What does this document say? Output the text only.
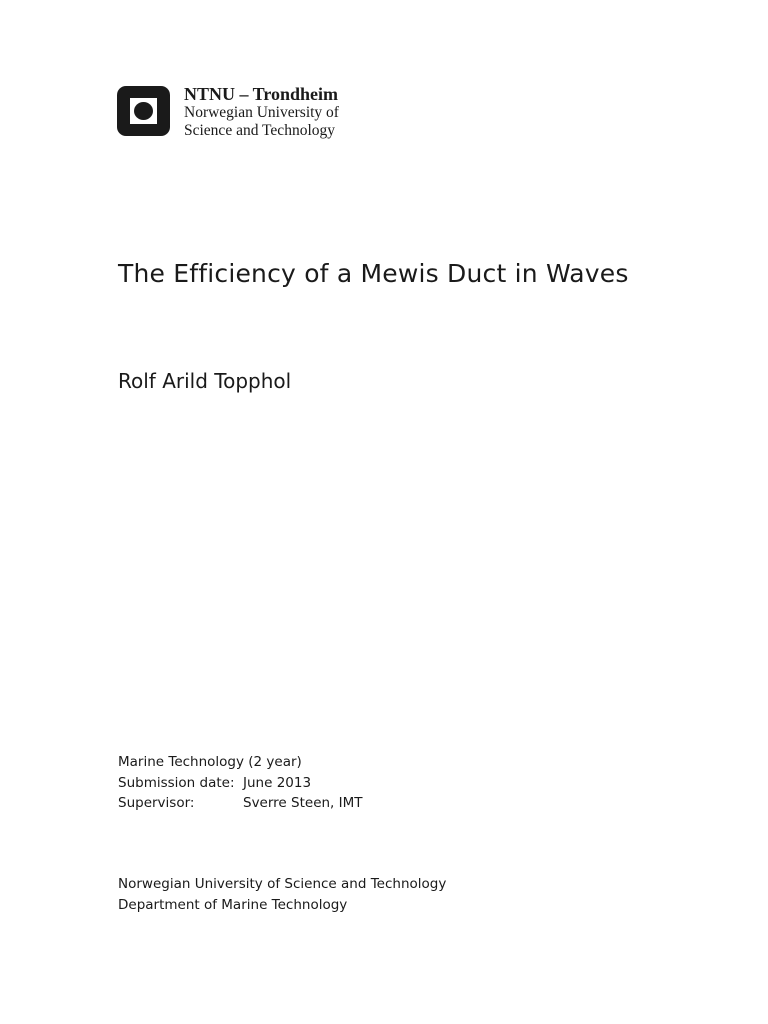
NTNU – Trondheim
Norwegian University of
Science and Technology
The Efficiency of a Mewis Duct in Waves
Rolf Arild Topphol
Marine Technology (2 year)
Submission date: June 2013
Supervisor:	Sverre Steen, IMT
Norwegian University of Science and Technology
Department of Marine Technology
